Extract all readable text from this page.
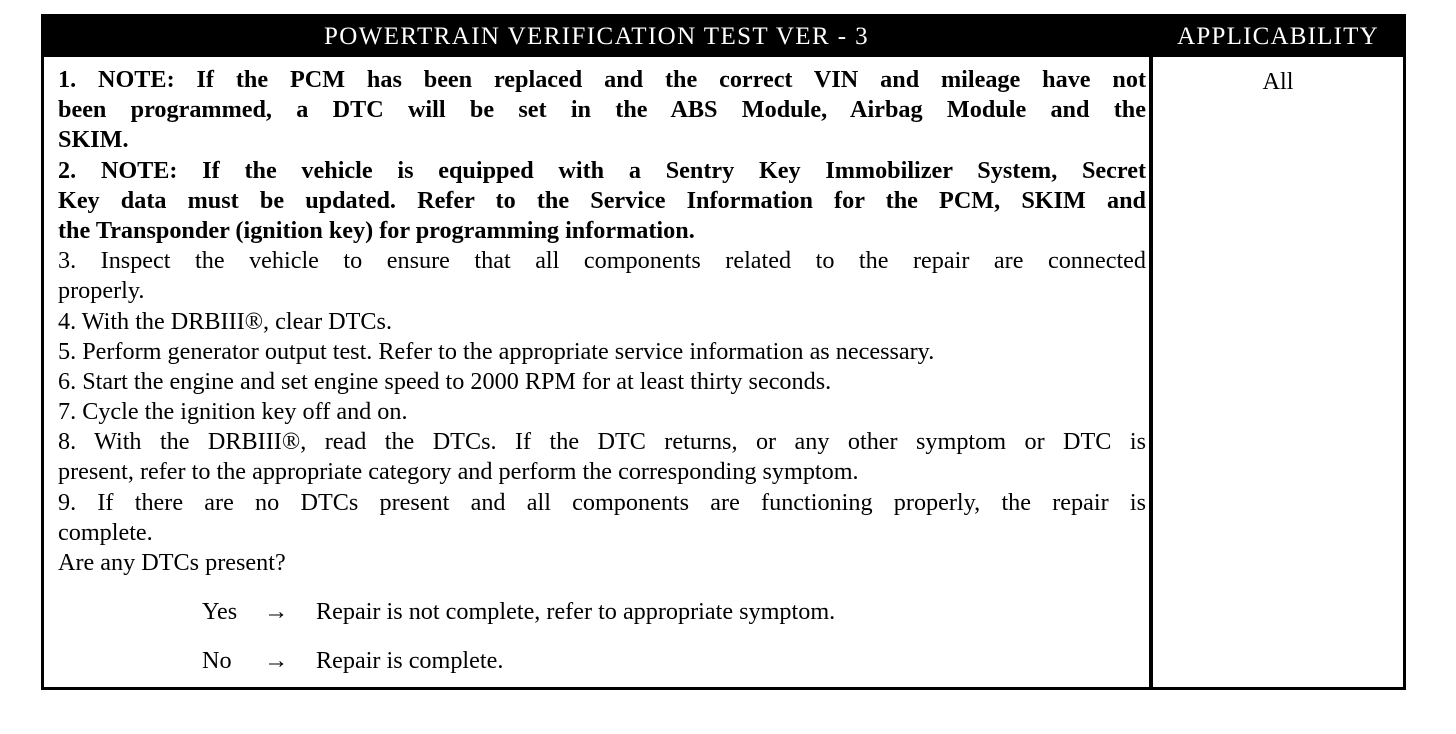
POWERTRAIN VERIFICATION TEST VER - 3	APPLICABILITY
1. NOTE: If the PCM has been replaced and the correct VIN and mileage have not
been programmed, a DTC will be set in the ABS Module, Airbag Module and the
SKIM.
2. NOTE: If the vehicle is equipped with a Sentry Key Immobilizer System, Secret
Key data must be updated. Refer to the Service Information for the PCM, SKIM and
the Transponder (ignition key) for programming information.
3. Inspect the vehicle to ensure that all components related to the repair are connected
properly.
4. With the DRBIII®, clear DTCs.
5. Perform generator output test. Refer to the appropriate service information as necessary.
6. Start the engine and set engine speed to 2000 RPM for at least thirty seconds.
7. Cycle the ignition key off and on.
8. With the DRBIII®, read the DTCs. If the DTC returns, or any other symptom or DTC is
present, refer to the appropriate category and perform the corresponding symptom.
9. If there are no DTCs present and all components are functioning properly, the repair is
complete.
Are any DTCs present?
Yes → Repair is not complete, refer to appropriate symptom.
No → Repair is complete.
All
